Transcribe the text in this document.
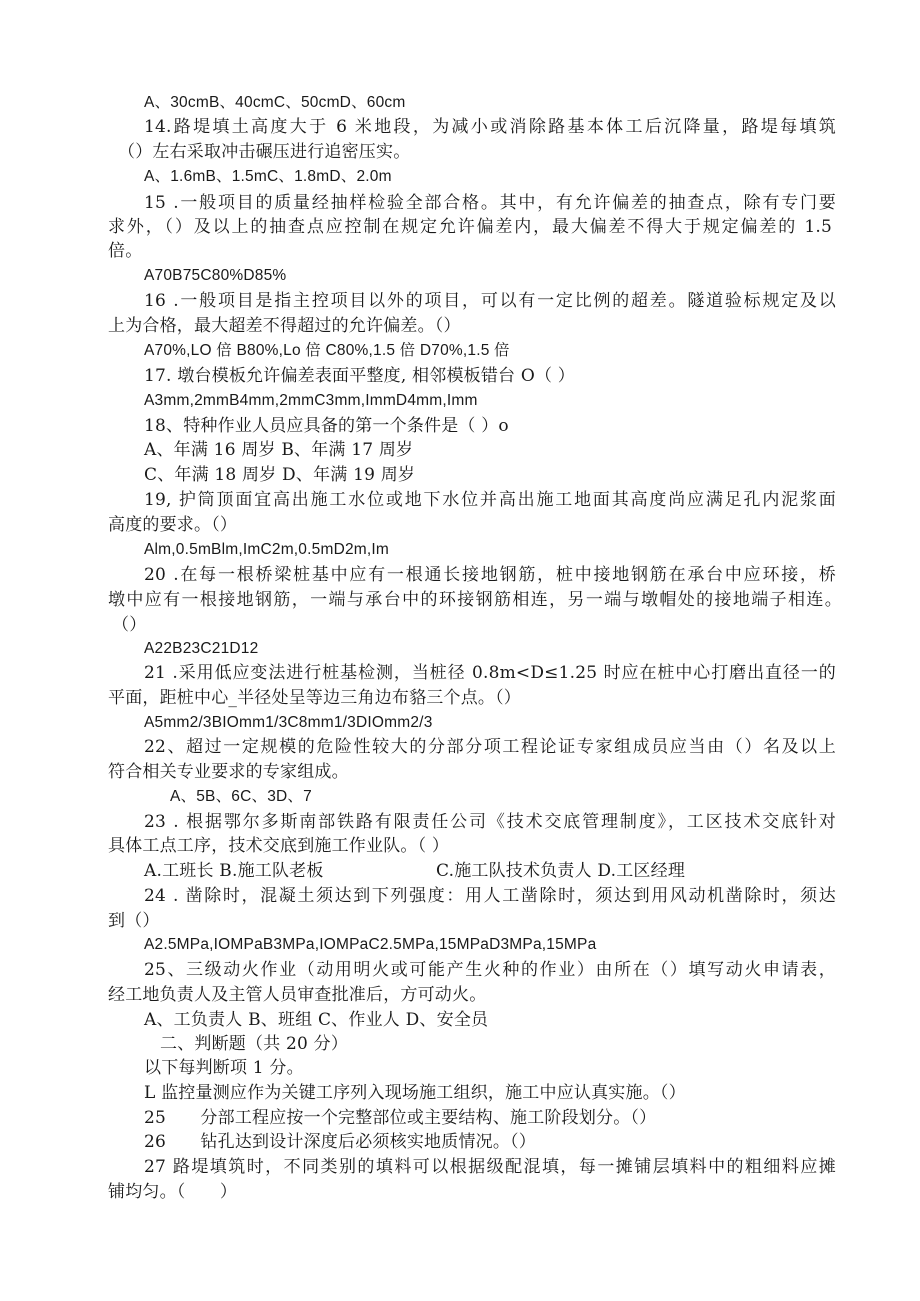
A、30cmB、40cmC、50cmD、60cm
14.路堤填土高度大于 6 米地段，为减小或消除路基本体工后沉降量，路堤每填筑
（）左右采取冲击碾压进行追密压实。
A、1.6mB、1.5mC、1.8mD、2.0m
15 .一般项目的质量经抽样检验全部合格。其中，有允许偏差的抽查点，除有专门要
求外，（）及以上的抽查点应控制在规定允许偏差内，最大偏差不得大于规定偏差的 1.5
倍。
A70B75C80%D85%
16 .一般项目是指主控项目以外的项目，可以有一定比例的超差。隧道验标规定及以
上为合格，最大超差不得超过的允许偏差。（）
A70%,LO 倍 B80%,Lo 倍 C80%,1.5 倍 D70%,1.5 倍
17. 墩台模板允许偏差表面平整度, 相邻模板错台 O（ ）
A3mm,2mmB4mm,2mmC3mm,ImmD4mm,Imm
18、特种作业人员应具备的第一个条件是（ ）o
A、年满 16 周岁 B、年满 17 周岁
C、年满 18 周岁 D、年满 19 周岁
19, 护筒顶面宜高出施工水位或地下水位并高出施工地面其高度尚应满足孔内泥浆面
高度的要求。（）
Alm,0.5mBlm,ImC2m,0.5mD2m,Im
20 .在每一根桥梁桩基中应有一根通长接地钢筋，桩中接地钢筋在承台中应环接，桥
墩中应有一根接地钢筋，一端与承台中的环接钢筋相连，另一端与墩帽处的接地端子相连。
（）
A22B23C21D12
21 .采用低应变法进行桩基检测，当桩径 0.8m<D≤1.25 时应在桩中心打磨出直径一的
平面，距桩中心_半径处呈等边三角边布貉三个点。（）
A5mm2/3BIOmm1/3C8mm1/3DIOmm2/3
22、超过一定规模的危险性较大的分部分项工程论证专家组成员应当由（）名及以上
符合相关专业要求的专家组成。
A、5B、6C、3D、7
23 . 根据鄂尔多斯南部铁路有限责任公司《技术交底管理制度》，工区技术交底针对
具体工点工序，技术交底到施工作业队。（ ）
A.工班长 B.施工队老板	C.施工队技术负责人 D.工区经理
24 . 凿除时，混凝土须达到下列强度：用人工凿除时，须达到用风动机凿除时，须达
到（）
A2.5MPa,IOMPaB3MPa,IOMPaC2.5MPa,15MPaD3MPa,15MPa
25、三级动火作业（动用明火或可能产生火种的作业）由所在（）填写动火申请表，
经工地负责人及主管人员审查批准后，方可动火。
A、工负责人 B、班组 C、作业人 D、安全员
二、判断题（共 20 分）
以下每判断项 1 分。
L 监控量测应作为关键工序列入现场施工组织，施工中应认真实施。（）
25　　分部工程应按一个完整部位或主要结构、施工阶段划分。（）
26　　钻孔达到设计深度后必须核实地质情况。（）
27 路堤填筑时，不同类别的填料可以根据级配混填，每一摊铺层填料中的粗细料应摊
铺均匀。（　　）
